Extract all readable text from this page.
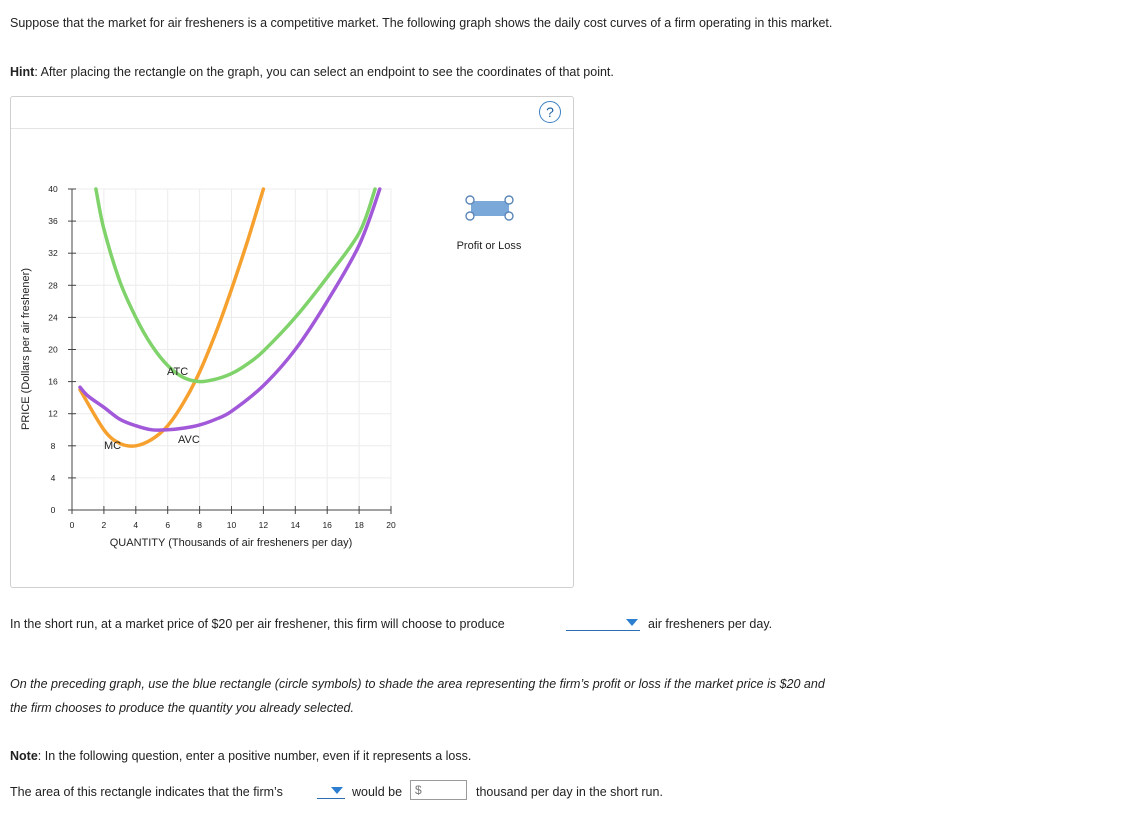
Suppose that the market for air fresheners is a competitive market. The following graph shows the daily cost curves of a firm operating in this market.
Hint: After placing the rectangle on the graph, you can select an endpoint to see the coordinates of that point.
?
0
4
8
12
16
20
24
28
32
36
40
0	2	4	6	8	10	12	14	16	18	20
PRICE (Dollars per air freshener)
QUANTITY (Thousands of air fresheners per day)
ATC
AVC
MC
Profit or Loss
In the short run, at a market price of $20 per air freshener, this firm will choose to produce	air fresheners per day.
On the preceding graph, use the blue rectangle (circle symbols) to shade the area representing the firm’s profit or loss if the market price is $20 and
the firm chooses to produce the quantity you already selected.
Note: In the following question, enter a positive number, even if it represents a loss.
The area of this rectangle indicates that the firm’s	would be $	thousand per day in the short run.
